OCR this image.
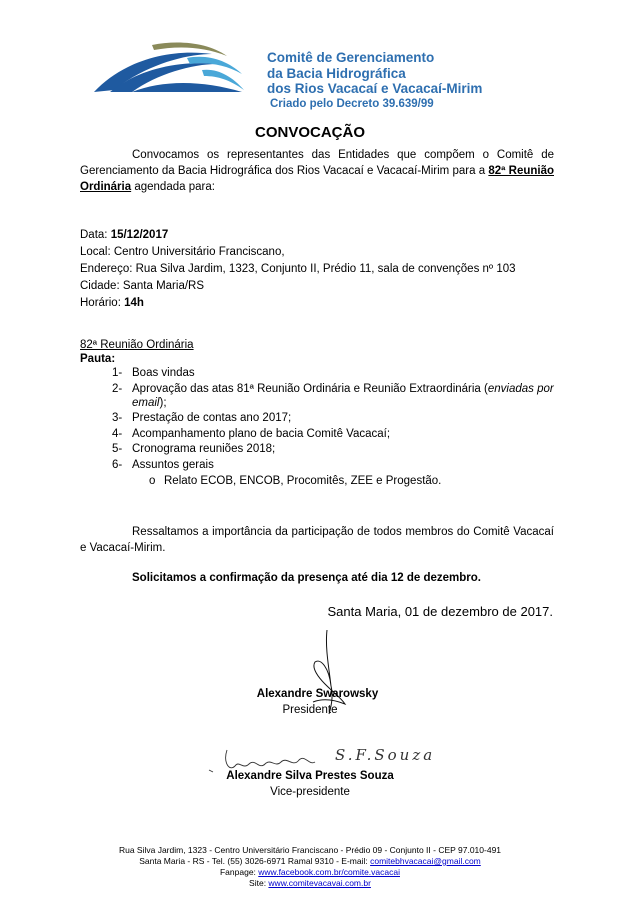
Comitê de Gerenciamento
da Bacia Hidrográfica
dos Rios Vacacaí e Vacacaí-Mirim
Criado pelo Decreto 39.639/99
CONVOCAÇÃO

Convocamos os representantes das Entidades que compõem o Comitê de Gerenciamento da Bacia Hidrográfica dos Rios Vacacaí e Vacacaí-Mirim para a 82ª Reunião Ordinária agendada para:

Data: 15/12/2017
Local: Centro Universitário Franciscano,
Endereço: Rua Silva Jardim, 1323, Conjunto II, Prédio 11, sala de convenções nº 103
Cidade: Santa Maria/RS
Horário: 14h
82ª Reunião Ordinária
Pauta:
1- Boas vindas
2- Aprovação das atas 81ª Reunião Ordinária e Reunião Extraordinária (enviadas por email);
3- Prestação de contas ano 2017;
4- Acompanhamento plano de bacia Comitê Vacacaí;
5- Cronograma reuniões 2018;
6- Assuntos gerais
o Relato ECOB, ENCOB, Procomitês, ZEE e Progestão.

Ressaltamos a importância da participação de todos membros do Comitê Vacacaí e Vacacaí-Mirim.

Solicitamos a confirmação da presença até dia 12 de dezembro.
Santa Maria, 01 de dezembro de 2017.
Alexandre Swarowsky
Presidente
S.F.Souza
Alexandre Silva Prestes Souza
Vice-presidente
Rua Silva Jardim, 1323 - Centro Universitário Franciscano - Prédio 09 - Conjunto II - CEP 97.010-491
Santa Maria - RS - Tel. (55) 3026-6971 Ramal 9310 - E-mail: comitebhvacacai@gmail.com
Fanpage: www.facebook.com.br/comite.vacacai
Site: www.comitevacavai.com.br
